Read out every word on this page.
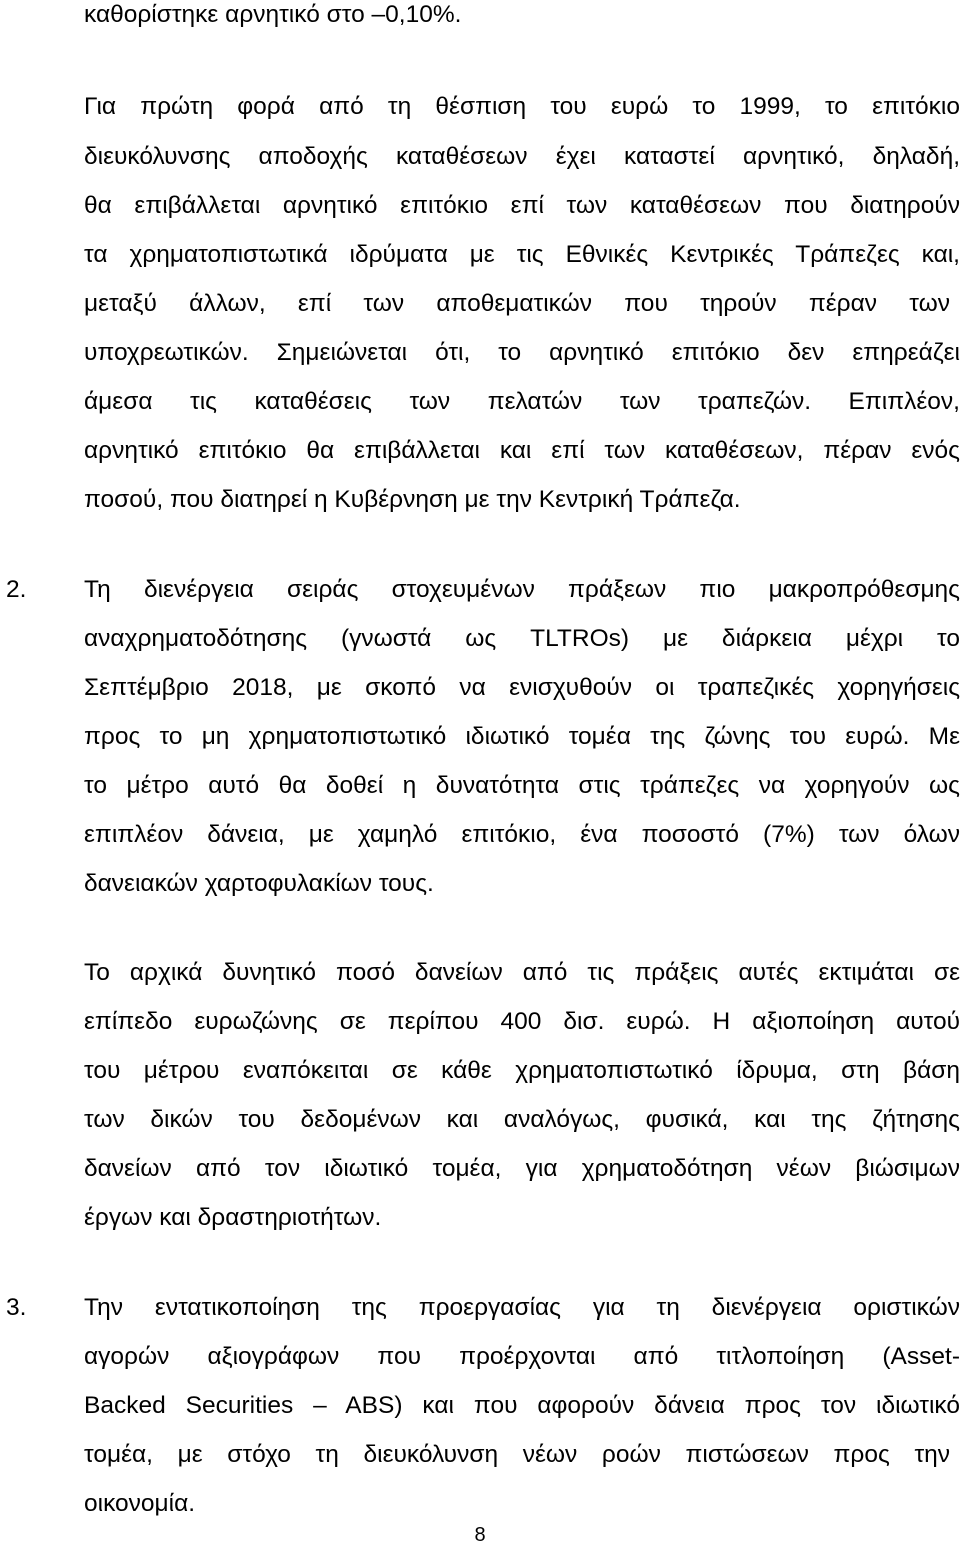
καθορίστηκε αρνητικό στο –0,10%.
Για πρώτη φορά από τη θέσπιση του ευρώ το 1999, το επιτόκιο
διευκόλυνσης αποδοχής καταθέσεων έχει καταστεί αρνητικό, δηλαδή,
θα επιβάλλεται αρνητικό επιτόκιο επί των καταθέσεων που διατηρούν
τα χρηματοπιστωτικά ιδρύματα με τις Εθνικές Κεντρικές Τράπεζες και,
μεταξύ άλλων, επί των αποθεματικών που τηρούν πέραν των
υποχρεωτικών. Σημειώνεται ότι, το αρνητικό επιτόκιο δεν επηρεάζει
άμεσα τις καταθέσεις των πελατών των τραπεζών. Επιπλέον,
αρνητικό επιτόκιο θα επιβάλλεται και επί των καταθέσεων, πέραν ενός
ποσού, που διατηρεί η Κυβέρνηση με την Κεντρική Τράπεζα.
2. Τη διενέργεια σειράς στοχευμένων πράξεων πιο μακροπρόθεσμης
αναχρηματοδότησης (γνωστά ως TLTROs) με διάρκεια μέχρι το
Σεπτέμβριο 2018, με σκοπό να ενισχυθούν οι τραπεζικές χορηγήσεις
προς το μη χρηματοπιστωτικό ιδιωτικό τομέα της ζώνης του ευρώ. Με
το μέτρο αυτό θα δοθεί η δυνατότητα στις τράπεζες να χορηγούν ως
επιπλέον δάνεια, με χαμηλό επιτόκιο, ένα ποσοστό (7%) των όλων
δανειακών χαρτοφυλακίων τους.
Το αρχικά δυνητικό ποσό δανείων από τις πράξεις αυτές εκτιμάται σε
επίπεδο ευρωζώνης σε περίπου 400 δισ. ευρώ. Η αξιοποίηση αυτού
του μέτρου εναπόκειται σε κάθε χρηματοπιστωτικό ίδρυμα, στη βάση
των δικών του δεδομένων και αναλόγως, φυσικά, και της ζήτησης
δανείων από τον ιδιωτικό τομέα, για χρηματοδότηση νέων βιώσιμων
έργων και δραστηριοτήτων.
3. Την εντατικοποίηση της προεργασίας για τη διενέργεια οριστικών
αγορών αξιογράφων που προέρχονται από τιτλοποίηση (Asset-
Backed Securities – ABS) και που αφορούν δάνεια προς τον ιδιωτικό
τομέα, με στόχο τη διευκόλυνση νέων ροών πιστώσεων προς την
οικονομία.
8
